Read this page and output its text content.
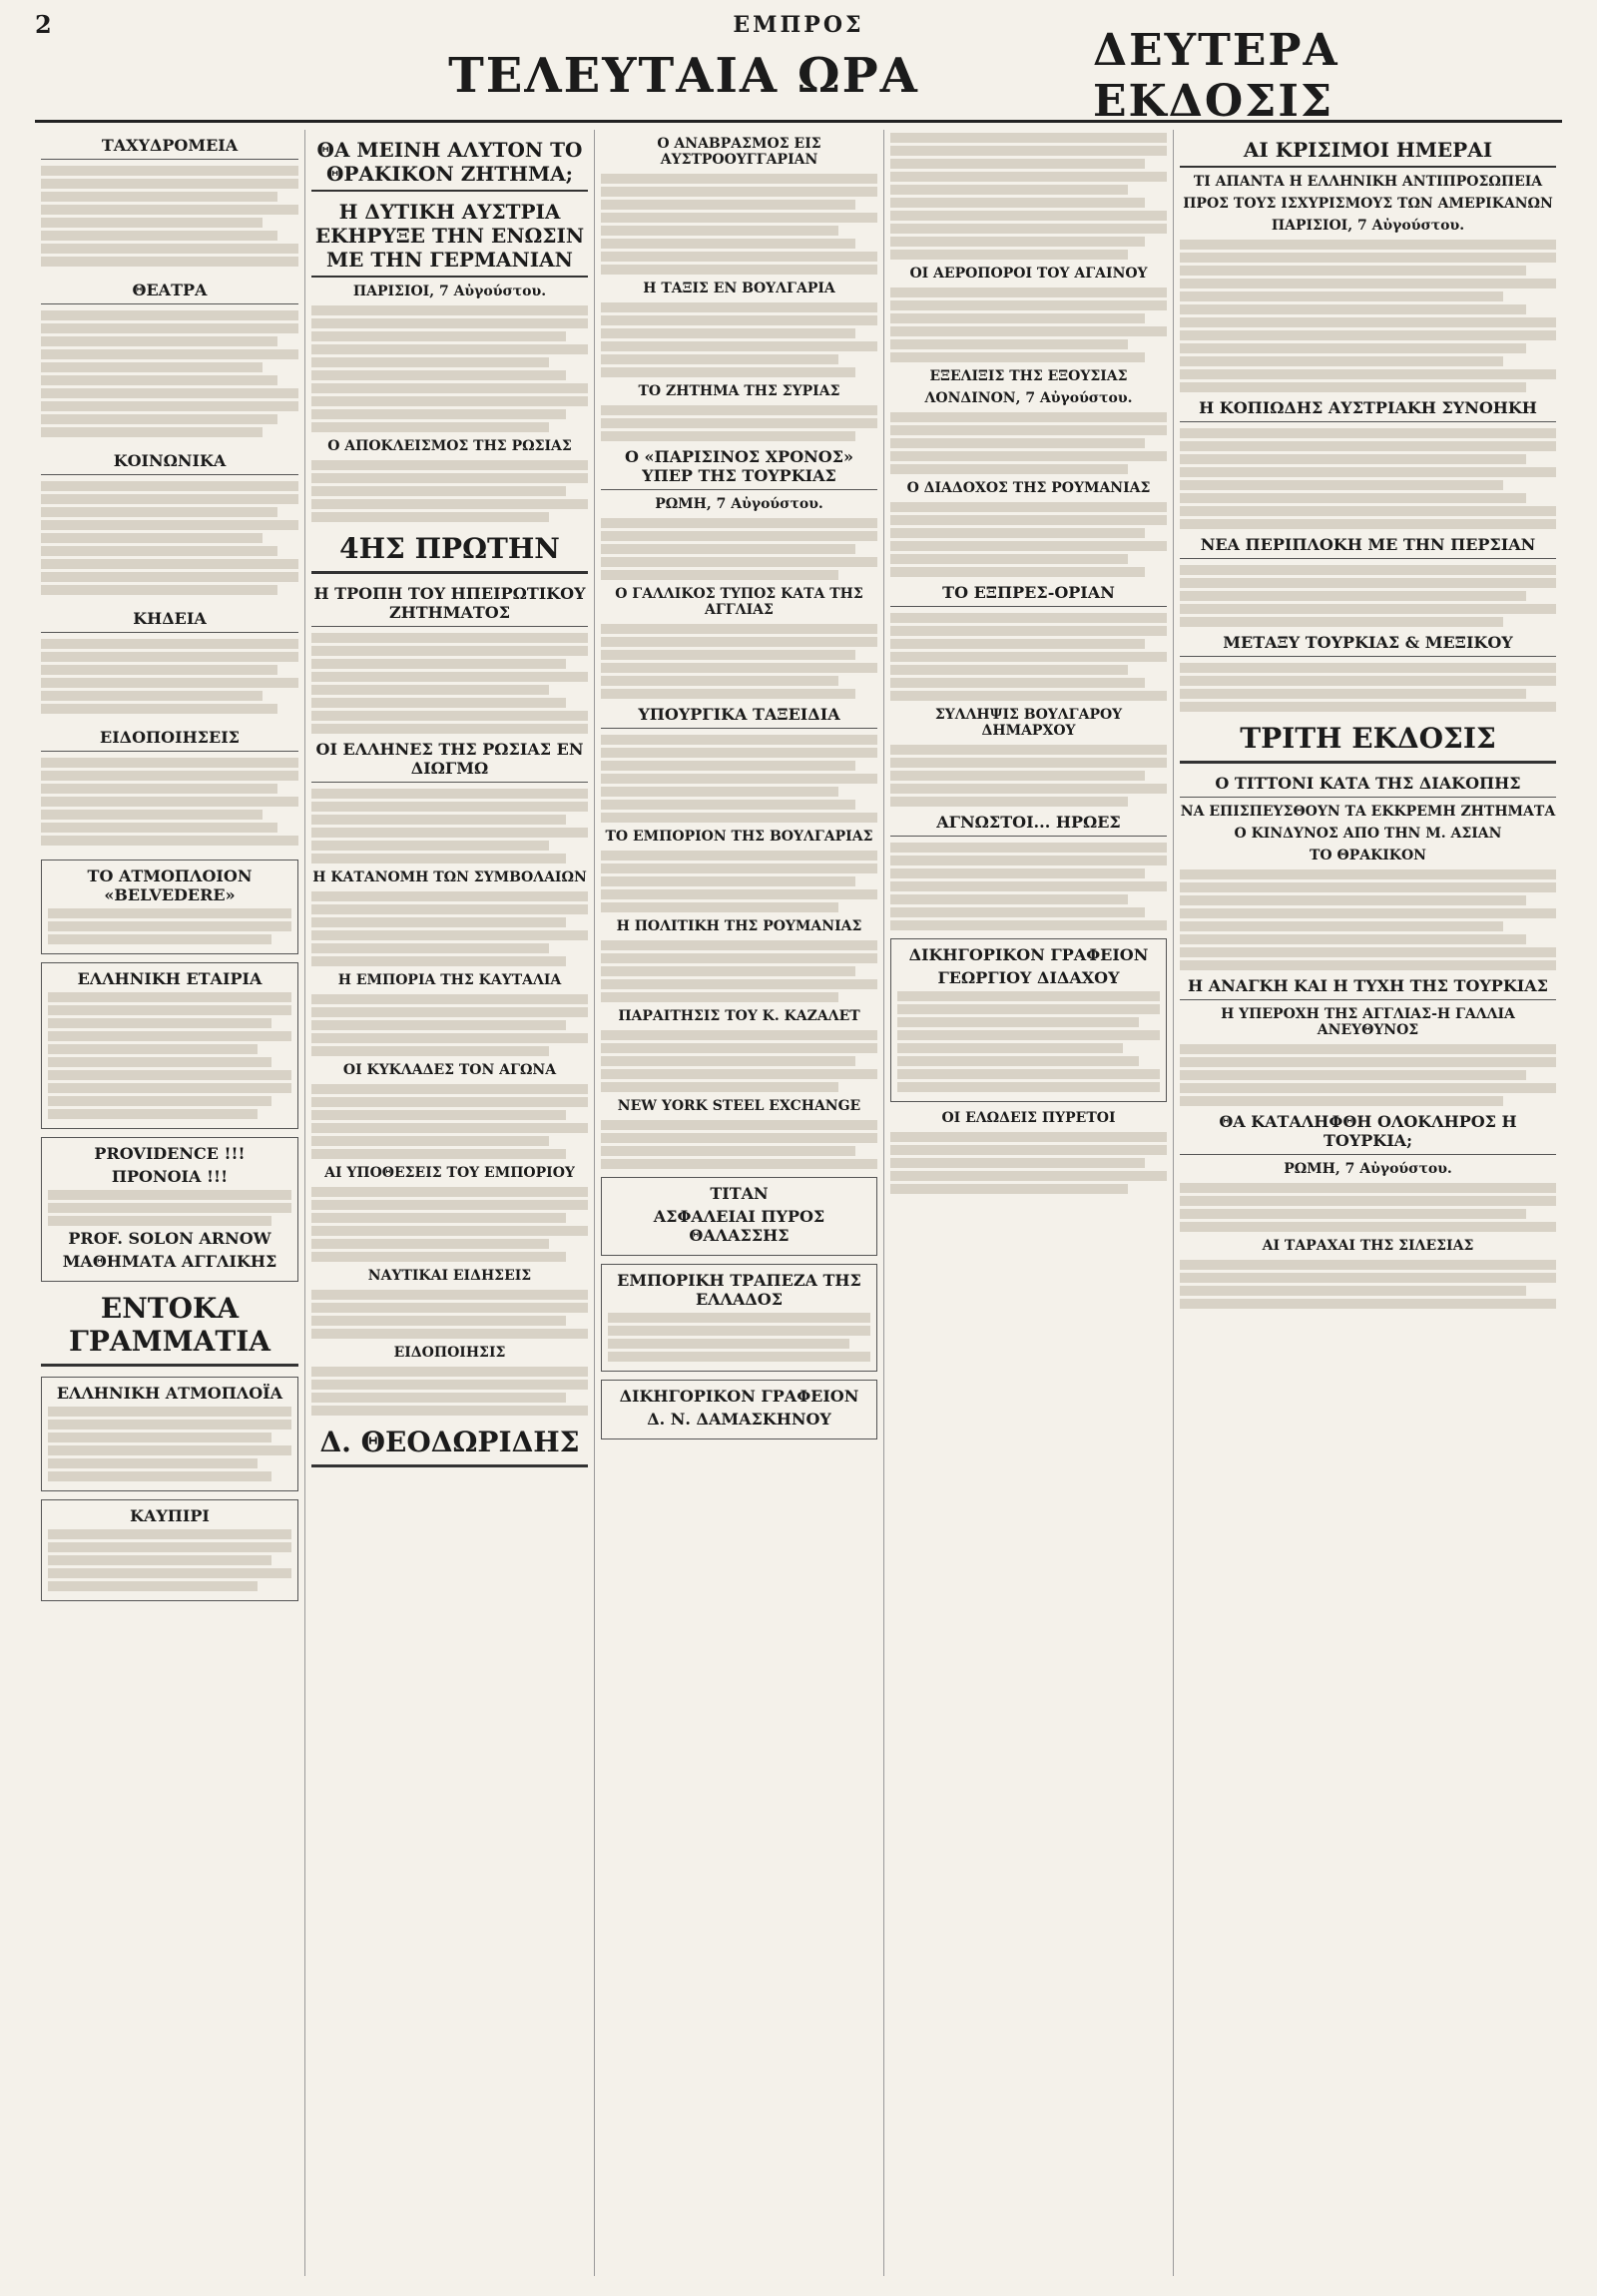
2	ΕΜΠΡΟΣ
ΤΕΛΕΥΤΑΙΑ ΩΡΑ	ΔΕΥΤΕΡΑ ΕΚΔΟΣΙΣ
ΤΑΧΥΔΡΟΜΕΙΑ
ΘΕΑΤΡΑ
ΚΟΙΝΩΝΙΚΑ
ΚΗΔΕΙΑ
ΕΙΔΟΠΟΙΗΣΕΙΣ
ΤΟ ΑΤΜΟΠΛΟΙΟΝ «BELVEDERE»
ΕΛΛΗΝΙΚΗ ΕΤΑΙΡΙΑ
PROVIDENCE !!!
ΠΡΟΝΟΙΑ !!!
PROF. SOLON ARNOW
ΜΑΘΗΜΑΤΑ ΑΓΓΛΙΚΗΣ
ΕΝΤΟΚΑ ΓΡΑΜΜΑΤΙΑ
ΕΛΛΗΝΙΚΗ ΑΤΜΟΠΛΟΪΑ
ΚΑΥΠΙΡΙ
ΘΑ ΜΕΙΝΗ ΑΛΥΤΟΝ ΤΟ ΘΡΑΚΙΚΟΝ ΖΗΤΗΜΑ;
Η ΔΥΤΙΚΗ ΑΥΣΤΡΙΑ ΕΚΗΡΥΞΕ ΤΗΝ ΕΝΩΣΙΝ ΜΕ ΤΗΝ ΓΕΡΜΑΝΙΑΝ
ΠΑΡΙΣΙΟΙ, 7 Αὐγούστου.
Ο ΑΠΟΚΛΕΙΣΜΟΣ ΤΗΣ ΡΩΣΙΑΣ
4ΗΣ ΠΡΩΤΗΝ
Η ΤΡΟΠΗ ΤΟΥ ΗΠΕΙΡΩΤΙΚΟΥ ΖΗΤΗΜΑΤΟΣ
ΟΙ ΕΛΛΗΝΕΣ ΤΗΣ ΡΩΣΙΑΣ ΕΝ ΔΙΩΓΜΩ
Η ΚΑΤΑΝΟΜΗ ΤΩΝ ΣΥΜΒΟΛΑΙΩΝ
Η ΕΜΠΟΡΙΑ ΤΗΣ ΚΑΥΤΑΛΙΑ
ΟΙ ΚΥΚΛΑΔΕΣ ΤΟΝ ΑΓΩΝΑ
ΑΙ ΥΠΟΘΕΣΕΙΣ ΤΟΥ ΕΜΠΟΡΙΟΥ
ΝΑΥΤΙΚΑΙ ΕΙΔΗΣΕΙΣ
ΕΙΔΟΠΟΙΗΣΙΣ
Δ. ΘΕΟΔΩΡΙΔΗΣ
Ο ΑΝΑΒΡΑΣΜΟΣ ΕΙΣ ΑΥΣΤΡΟΟΥΓΓΑΡΙΑΝ
Η ΤΑΞΙΣ ΕΝ ΒΟΥΛΓΑΡΙΑ
ΤΟ ΖΗΤΗΜΑ ΤΗΣ ΣΥΡΙΑΣ
Ο «ΠΑΡΙΣΙΝΟΣ ΧΡΟΝΟΣ» ΥΠΕΡ ΤΗΣ ΤΟΥΡΚΙΑΣ
ΡΩΜΗ, 7 Αὐγούστου.
Ο ΓΑΛΛΙΚΟΣ ΤΥΠΟΣ ΚΑΤΑ ΤΗΣ ΑΓΓΛΙΑΣ
ΥΠΟΥΡΓΙΚΑ ΤΑΞΕΙΔΙΑ
ΤΟ ΕΜΠΟΡΙΟΝ ΤΗΣ ΒΟΥΛΓΑΡΙΑΣ
Η ΠΟΛΙΤΙΚΗ ΤΗΣ ΡΟΥΜΑΝΙΑΣ
ΠΑΡΑΙΤΗΣΙΣ ΤΟΥ Κ. ΚΑΖΑΛΕΤ
NEW YORK STEEL EXCHANGE
ΤΙΤΑΝ
ΑΣΦΑΛΕΙΑΙ ΠΥΡΟΣ ΘΑΛΑΣΣΗΣ
ΕΜΠΟΡΙΚΗ ΤΡΑΠΕΖΑ ΤΗΣ ΕΛΛΑΔΟΣ
ΔΙΚΗΓΟΡΙΚΟΝ ΓΡΑΦΕΙΟΝ
Δ. Ν. ΔΑΜΑΣΚΗΝΟΥ
ΟΙ ΑΕΡΟΠΟΡΟΙ ΤΟΥ ΑΓΑΙΝΟΥ
ΕΞΕΛΙΞΙΣ ΤΗΣ ΕΞΟΥΣΙΑΣ
ΛΟΝΔΙΝΟΝ, 7 Αὐγούστου.
Ο ΔΙΑΔΟΧΟΣ ΤΗΣ ΡΟΥΜΑΝΙΑΣ
ΤΟ ΕΞΠΡΕΣ-ΟΡΙΑΝ
ΣΥΛΛΗΨΙΣ ΒΟΥΛΓΑΡΟΥ ΔΗΜΑΡΧΟΥ
ΑΓΝΩΣΤΟΙ... ΗΡΩΕΣ
ΔΙΚΗΓΟΡΙΚΟΝ ΓΡΑΦΕΙΟΝ
ΓΕΩΡΓΙΟΥ ΔΙΔΑΧΟΥ
ΟΙ ΕΛΩΔΕΙΣ ΠΥΡΕΤΟΙ
ΑΙ ΚΡΙΣΙΜΟΙ ΗΜΕΡΑΙ
ΤΙ ΑΠΑΝΤΑ Η ΕΛΛΗΝΙΚΗ ΑΝΤΙΠΡΟΣΩΠΕΙΑ
ΠΡΟΣ ΤΟΥΣ ΙΣΧΥΡΙΣΜΟΥΣ ΤΩΝ ΑΜΕΡΙΚΑΝΩΝ
ΠΑΡΙΣΙΟΙ, 7 Αὐγούστου.
Η ΚΟΠΙΩΔΗΣ ΑΥΣΤΡΙΑΚΗ ΣΥΝΟΗΚΗ
ΝΕΑ ΠΕΡΙΠΛΟΚΗ ΜΕ ΤΗΝ ΠΕΡΣΙΑΝ
ΜΕΤΑΞΥ ΤΟΥΡΚΙΑΣ & ΜΕΞΙΚΟΥ
ΤΡΙΤΗ ΕΚΔΟΣΙΣ
Ο ΤΙΤΤΟΝΙ ΚΑΤΑ ΤΗΣ ΔΙΑΚΟΠΗΣ
ΝΑ ΕΠΙΣΠΕΥΣΘΟΥΝ ΤΑ ΕΚΚΡΕΜΗ ΖΗΤΗΜΑΤΑ
Ο ΚΙΝΔΥΝΟΣ ΑΠΟ ΤΗΝ Μ. ΑΣΙΑΝ
ΤΟ ΘΡΑΚΙΚΟΝ
Η ΑΝΑΓΚΗ ΚΑΙ Η ΤΥΧΗ ΤΗΣ ΤΟΥΡΚΙΑΣ
Η ΥΠΕΡΟΧΗ ΤΗΣ ΑΓΓΛΙΑΣ-Η ΓΑΛΛΙΑ ΑΝΕΥΘΥΝΟΣ
ΘΑ ΚΑΤΑΛΗΦΘΗ ΟΛΟΚΛΗΡΟΣ Η ΤΟΥΡΚΙΑ;
ΡΩΜΗ, 7 Αὐγούστου.
ΑΙ ΤΑΡΑΧΑΙ ΤΗΣ ΣΙΛΕΣΙΑΣ
